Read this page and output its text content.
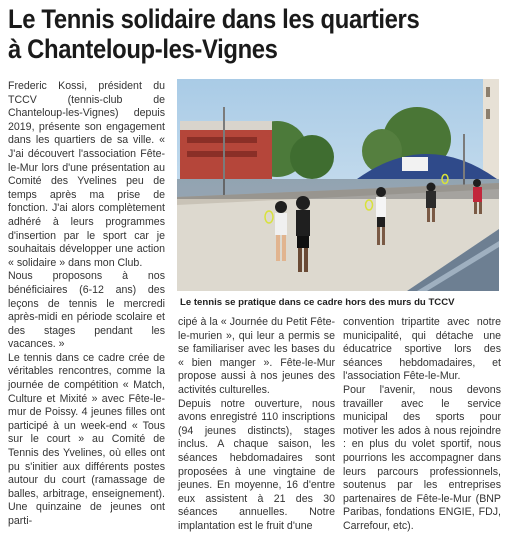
Le Tennis solidaire dans les quartiers
à Chanteloup-les-Vignes

Frederic Kossi, président du TCCV (tennis-club de Chanteloup-les-Vignes) depuis 2019, présente son engagement dans les quartiers de sa ville. « J'ai découvert l'association Fête-le-Mur lors d'une présentation au Comité des Yvelines peu de temps après ma prise de fonction. J'ai alors complètement adhéré à leurs programmes d'insertion par le sport car je souhaitais développer une action « solidaire » dans mon Club.

Nous proposons à nos bénéficiaires (6-12 ans) des leçons de tennis le mercredi après-midi en période scolaire et des stages pendant les vacances. »

Le tennis dans ce cadre crée de véritables rencontres, comme la journée de compétition « Match, Culture et Mixité » avec Fête-le-mur de Poissy. 4 jeunes filles ont participé à un week-end « Tous sur le court » au Comité de Tennis des Yvelines, où elles ont pu s'initier aux différents postes autour du court (ramassage de balles, arbitrage, enseignement). Une quinzaine de jeunes ont parti-

Le tennis se pratique dans ce cadre hors des murs du TCCV

cipé à la « Journée du Petit Fête-le-murien », qui leur a permis se se familiariser avec les bases du « bien manger ». Fête-le-Mur propose aussi à nos jeunes des activités culturelles.

Depuis notre ouverture, nous avons enregistré 110 inscriptions (94 jeunes distincts), stages inclus. A chaque saison, les séances hebdomadaires sont proposées à une vingtaine de jeunes. En moyenne, 16 d'entre eux assistent à 21 des 30 séances annuelles. Notre implantation est le fruit d'une

convention tripartite avec notre municipalité, qui détache une éducatrice sportive lors des séances hebdomadaires, et l'association Fête-le-Mur.

Pour l'avenir, nous devons travailler avec le service municipal des sports pour motiver les ados à nous rejoindre : en plus du volet sportif, nous pourrions les accompagner dans leurs parcours professionnels, soutenus par les entreprises partenaires de Fête-le-Mur (BNP Paribas, fondations ENGIE, FDJ, Carrefour, etc).
